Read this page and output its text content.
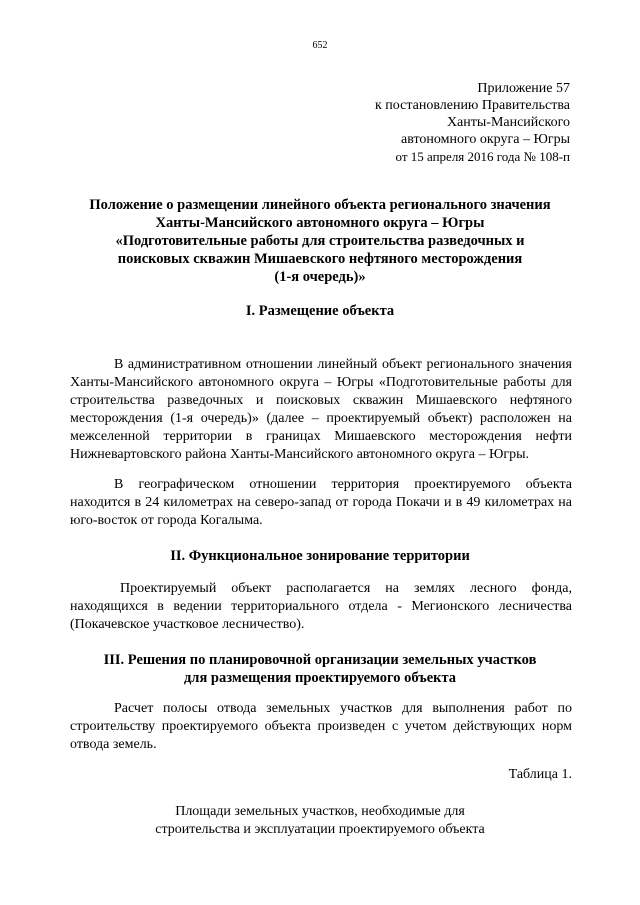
652
Приложение 57
к постановлению Правительства
Ханты-Мансийского
автономного округа – Югры
от 15 апреля 2016 года № 108-п
Положение о размещении линейного объекта регионального значения
Ханты-Мансийского автономного округа – Югры
«Подготовительные работы для строительства разведочных и
поисковых скважин Мишаевского нефтяного месторождения
(1-я очередь)»
I. Размещение объекта

В административном отношении линейный объект регионального значения Ханты-Мансийского автономного округа – Югры «Подготовительные работы для строительства разведочных и поисковых скважин Мишаевского нефтяного месторождения (1-я очередь)» (далее – проектируемый объект) расположен на межселенной территории в границах Мишаевского месторождения нефти Нижневартовского района Ханты-Мансийского автономного округа – Югры.

В географическом отношении территория проектируемого объекта находится в 24 километрах на северо-запад от города Покачи и в 49 километрах на юго-восток от города Когалыма.

II. Функциональное зонирование территории

Проектируемый объект располагается на землях лесного фонда, находящихся в ведении территориального отдела - Мегионского лесничества (Покачевское участковое лесничество).

III. Решения по планировочной организации земельных участков
для размещения проектируемого объекта

Расчет полосы отвода земельных участков для выполнения работ по строительству проектируемого объекта произведен с учетом действующих норм отвода земель.

Таблица 1.
Площади земельных участков, необходимые для
строительства и эксплуатации проектируемого объекта
